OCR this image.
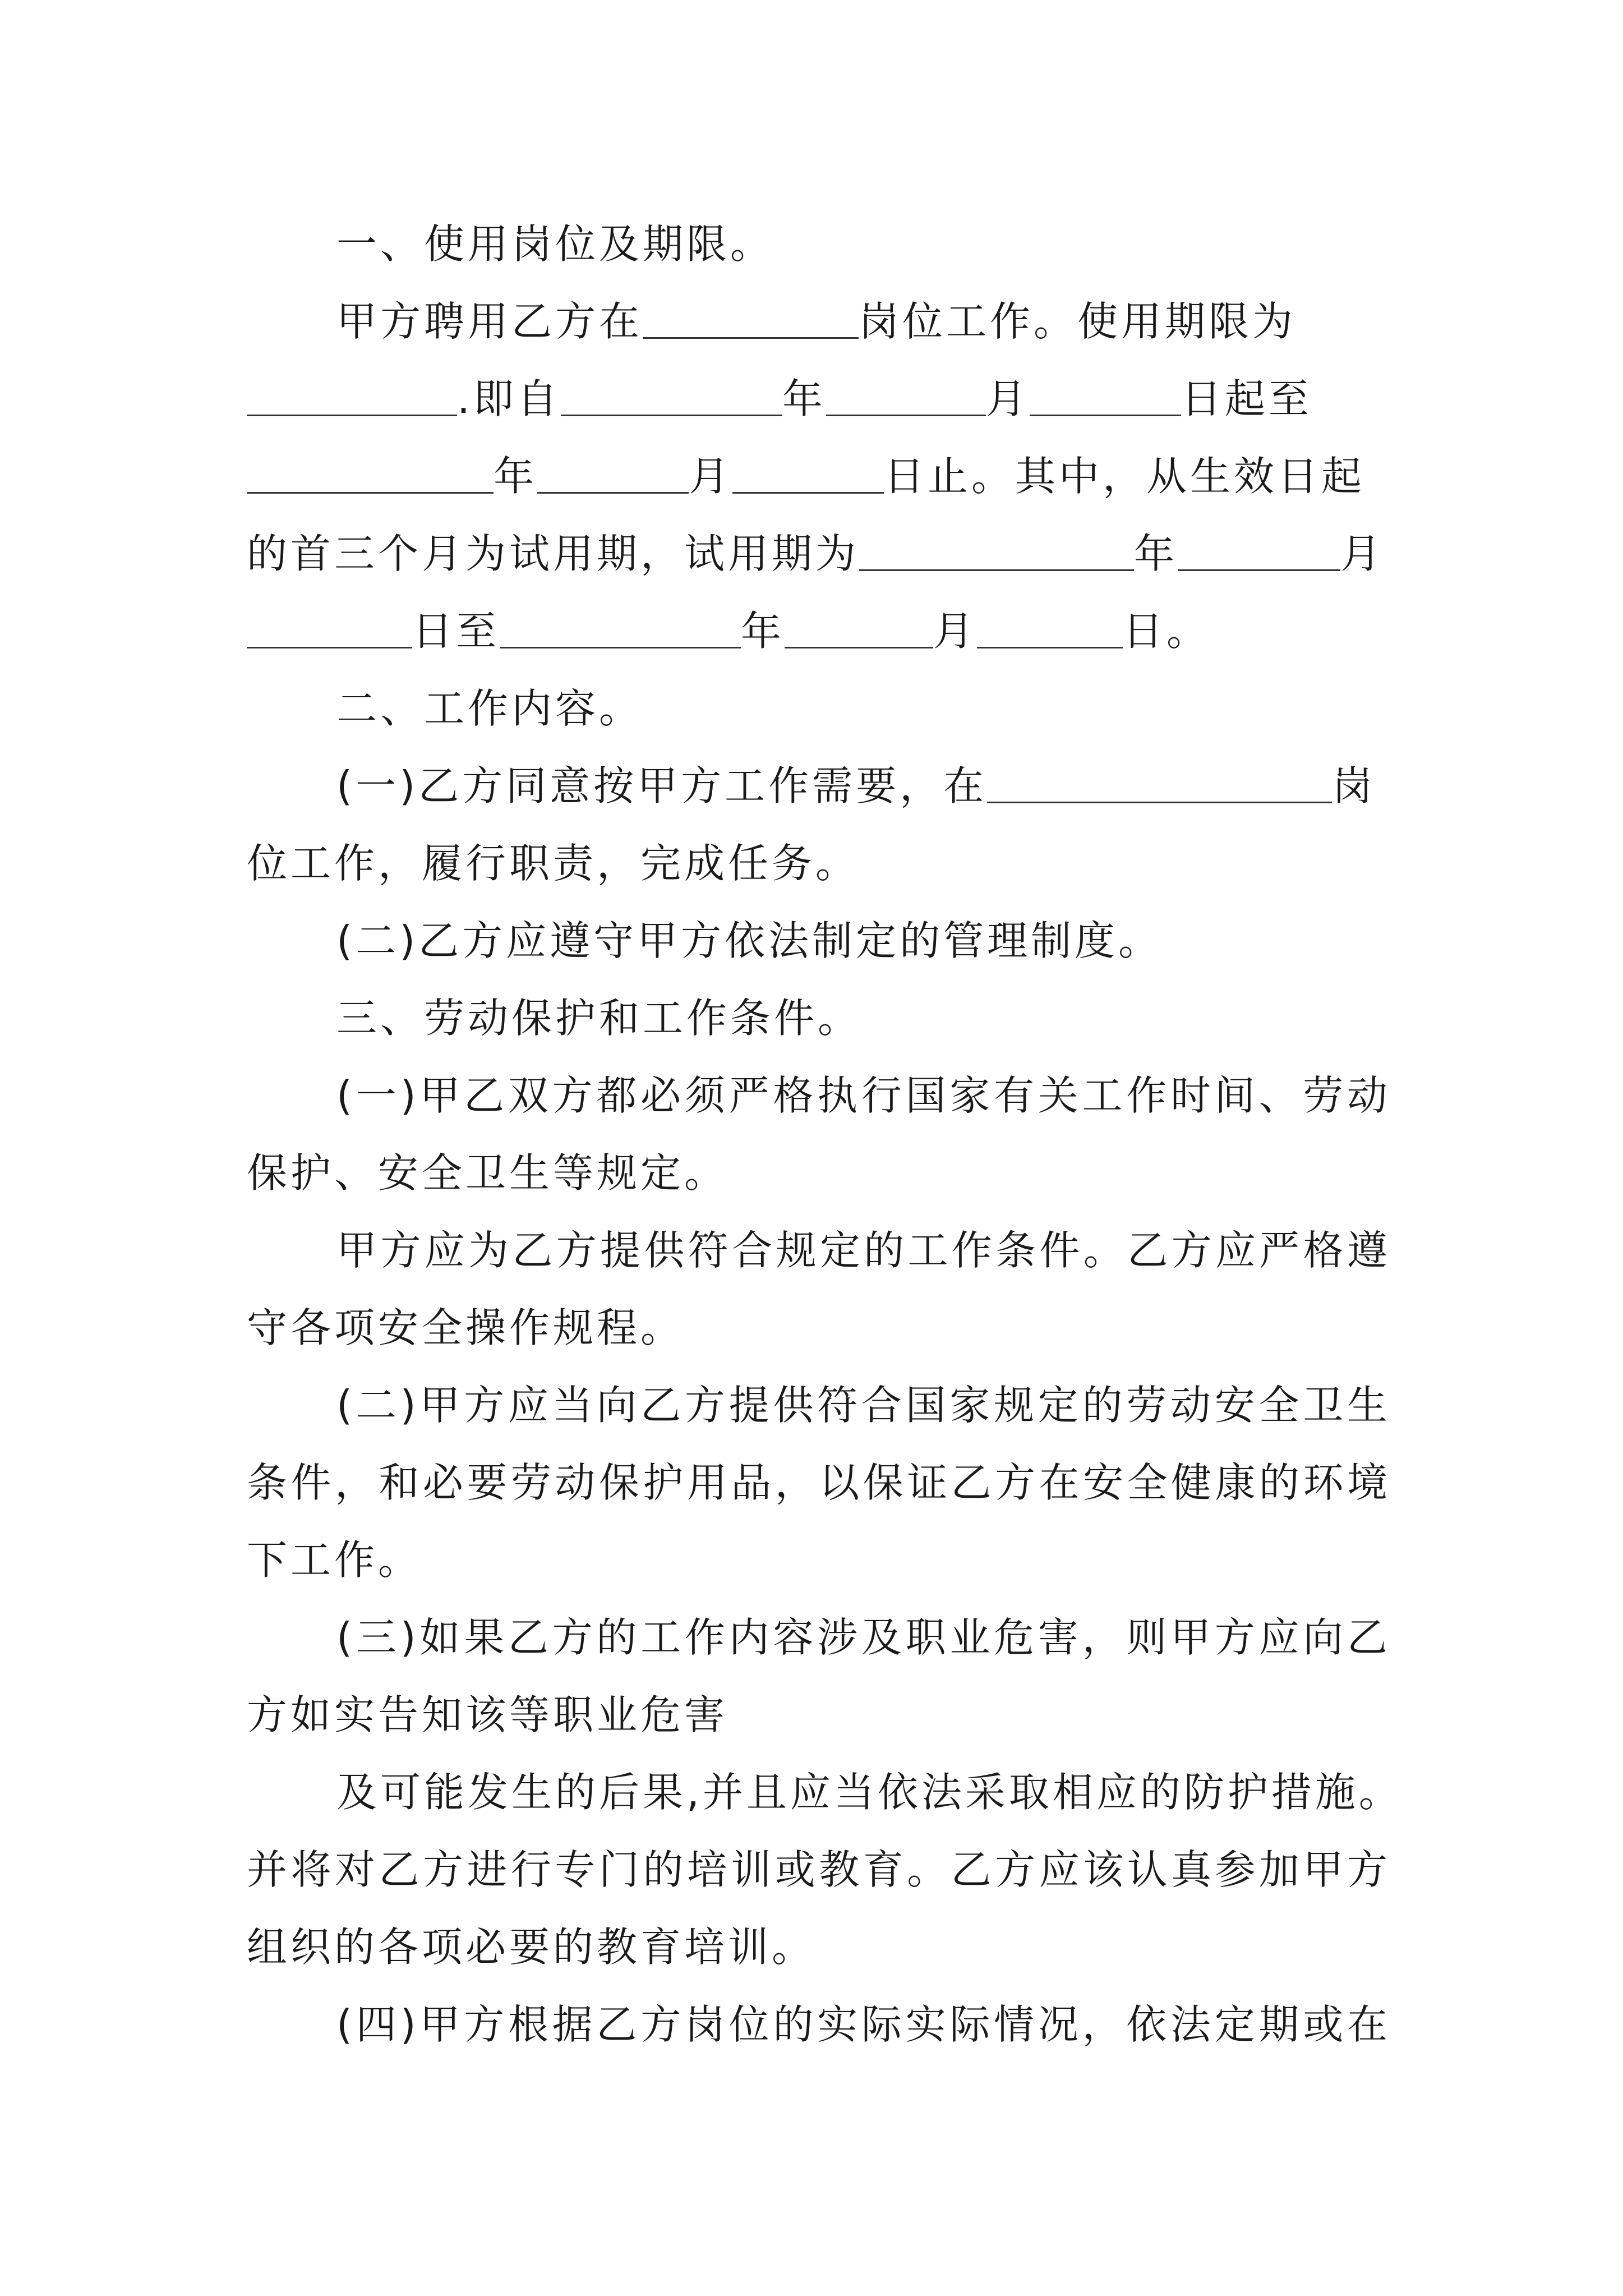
一、使用岗位及期限。
甲方聘用乙方在	岗位工作。使用期限为
.即自	年	月	日起至
年	月	日止。其中，从生效日起
的首三个月为试用期，试用期为	年	月
日至	年	月	日。
二、工作内容。
(一)乙方同意按甲方工作需要，在	岗
位工作，履行职责，完成任务。
(二)乙方应遵守甲方依法制定的管理制度。
三、劳动保护和工作条件。
(一)甲乙双方都必须严格执行国家有关工作时间、劳动
保护、安全卫生等规定。
甲方应为乙方提供符合规定的工作条件。乙方应严格遵
守各项安全操作规程。
(二)甲方应当向乙方提供符合国家规定的劳动安全卫生
条件，和必要劳动保护用品，以保证乙方在安全健康的环境
下工作。
(三)如果乙方的工作内容涉及职业危害，则甲方应向乙
方如实告知该等职业危害
及可能发生的后果,并且应当依法采取相应的防护措施。
并将对乙方进行专门的培训或教育。乙方应该认真参加甲方
组织的各项必要的教育培训。
(四)甲方根据乙方岗位的实际实际情况，依法定期或在
